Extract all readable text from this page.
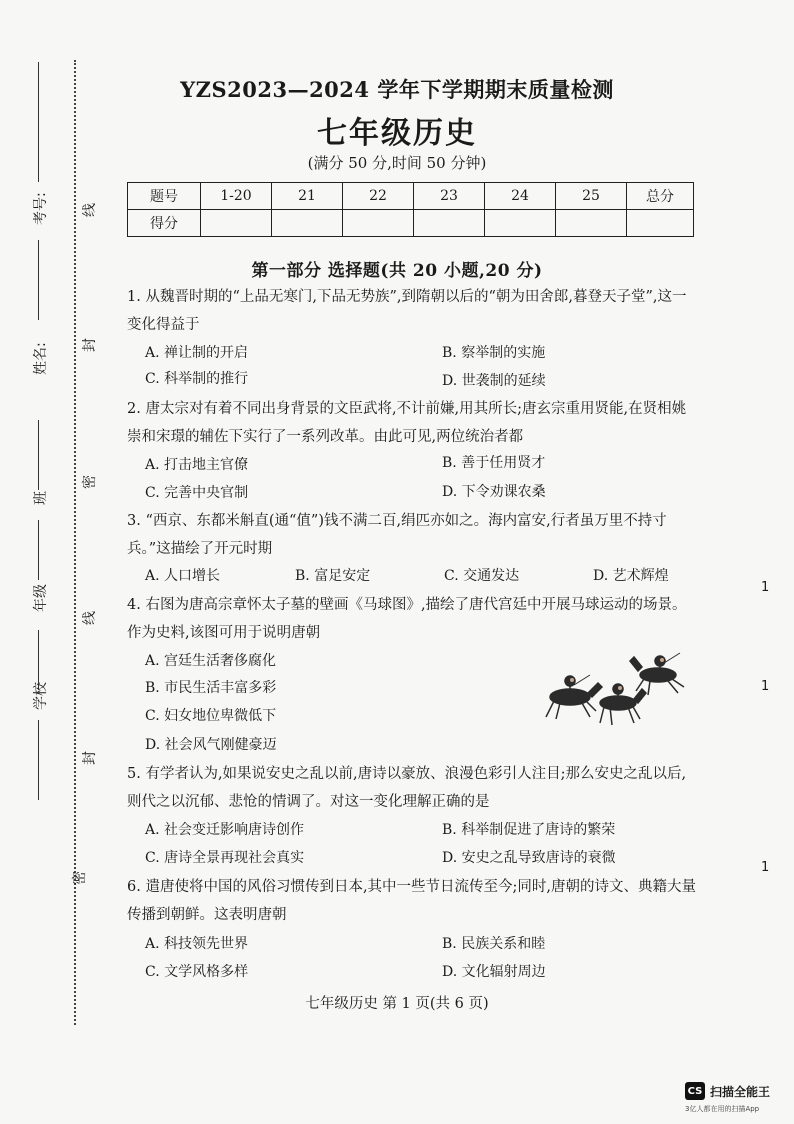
考号:
姓名:
班
年级
学校
线
封
密
线
封
密
YZS2023—2024 学年下学期期末质量检测
七年级历史
(满分 50 分,时间 50 分钟)
题号	1-20	21	22	23	24	25	总分
得分							
第一部分 选择题(共 20 小题,20 分)
1. 从魏晋时期的“上品无寒门,下品无势族”,到隋朝以后的“朝为田舍郎,暮登天子堂”,这一变化得益于
A. 禅让制的开启	B. 察举制的实施
C. 科举制的推行	D. 世袭制的延续
2. 唐太宗对有着不同出身背景的文臣武将,不计前嫌,用其所长;唐玄宗重用贤能,在贤相姚崇和宋璟的辅佐下实行了一系列改革。由此可见,两位统治者都
A. 打击地主官僚	B. 善于任用贤才
C. 完善中央官制	D. 下令劝课农桑
3. “西京、东都米斛直(通“值”)钱不满二百,绢匹亦如之。海内富安,行者虽万里不持寸兵。”这描绘了开元时期
A. 人口增长	B. 富足安定	C. 交通发达	D. 艺术辉煌
4. 右图为唐高宗章怀太子墓的壁画《马球图》,描绘了唐代宫廷中开展马球运动的场景。作为史料,该图可用于说明唐朝
A. 宫廷生活奢侈腐化
B. 市民生活丰富多彩
C. 妇女地位卑微低下
D. 社会风气刚健豪迈
5. 有学者认为,如果说安史之乱以前,唐诗以豪放、浪漫色彩引人注目;那么安史之乱以后,则代之以沉郁、悲怆的情调了。对这一变化理解正确的是
A. 社会变迁影响唐诗创作	B. 科举制促进了唐诗的繁荣
C. 唐诗全景再现社会真实	D. 安史之乱导致唐诗的衰微
6. 遣唐使将中国的风俗习惯传到日本,其中一些节日流传至今;同时,唐朝的诗文、典籍大量传播到朝鲜。这表明唐朝
A. 科技领先世界	B. 民族关系和睦
C. 文学风格多样	D. 文化辐射周边
1
1
1
七年级历史 第 1 页(共 6 页)
CS 扫描全能王
3亿人都在用的扫描App
